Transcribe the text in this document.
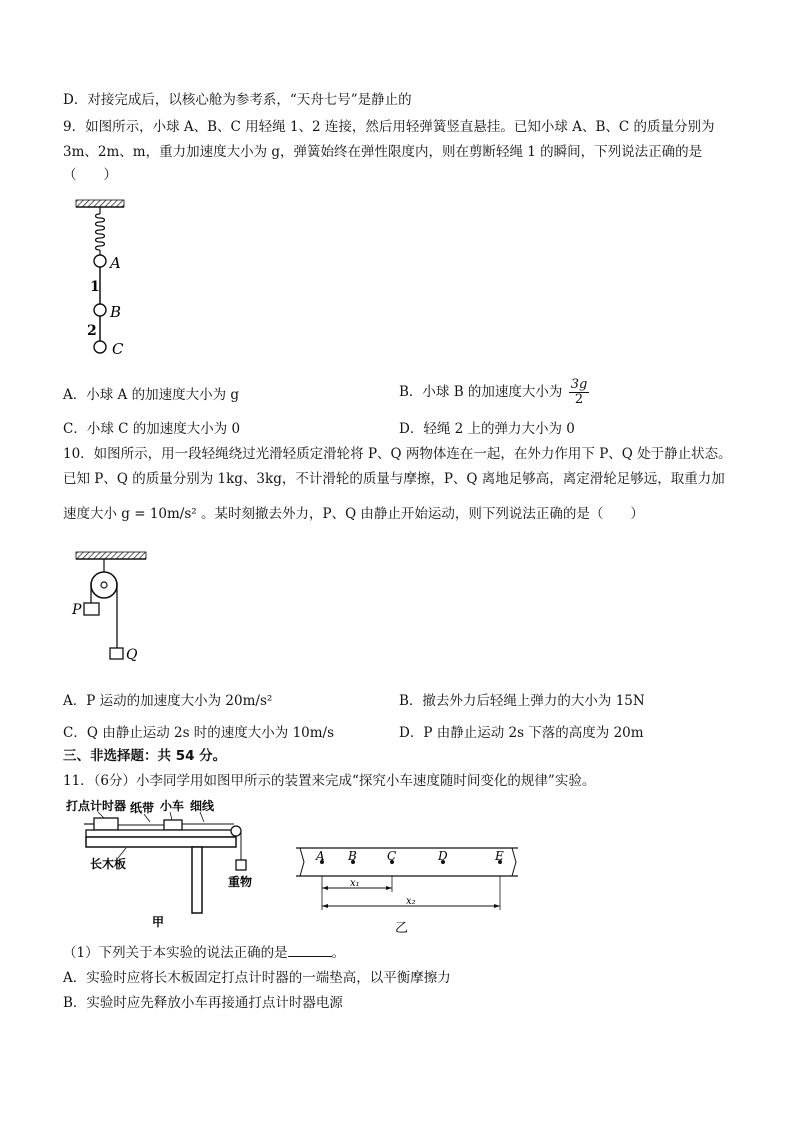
D．对接完成后，以核心舱为参考系，“天舟七号”是静止的
9．如图所示，小球 A、B、C 用轻绳 1、2 连接，然后用轻弹簧竖直悬挂。已知小球 A、B、C 的质量分别为
3m、2m、m，重力加速度大小为 g，弹簧始终在弹性限度内，则在剪断轻绳 1 的瞬间，下列说法正确的是
（　　）
A
1
B
2
C
A．小球 A 的加速度大小为 g	B．小球 B 的加速度大小为 $\frac{3g}{2}$
C．小球 C 的加速度大小为 0	D．轻绳 2 上的弹力大小为 0
10．如图所示，用一段轻绳绕过光滑轻质定滑轮将 P、Q 两物体连在一起，在外力作用下 P、Q 处于静止状态。
已知 P、Q 的质量分别为 1kg、3kg，不计滑轮的质量与摩擦，P、Q 离地足够高，离定滑轮足够远，取重力加
速度大小 g = 10m/s² 。某时刻撤去外力，P、Q 由静止开始运动，则下列说法正确的是（　　）
P
Q
A．P 运动的加速度大小为 20m/s²	B．撤去外力后轻绳上弹力的大小为 15N
C．Q 由静止运动 2s 时的速度大小为 10m/s	D．P 由静止运动 2s 下落的高度为 20m
三、非选择题：共 54 分。
11．（6分）小李同学用如图甲所示的装置来完成“探究小车速度随时间变化的规律”实验。
打点计时器 纸带 小车 细线
重物
长木板
甲
A B	C	D	E
x₁
x₂
乙
（1）下列关于本实验的说法正确的是	。
A．实验时应将长木板固定打点计时器的一端垫高，以平衡摩擦力
B．实验时应先释放小车再接通打点计时器电源
